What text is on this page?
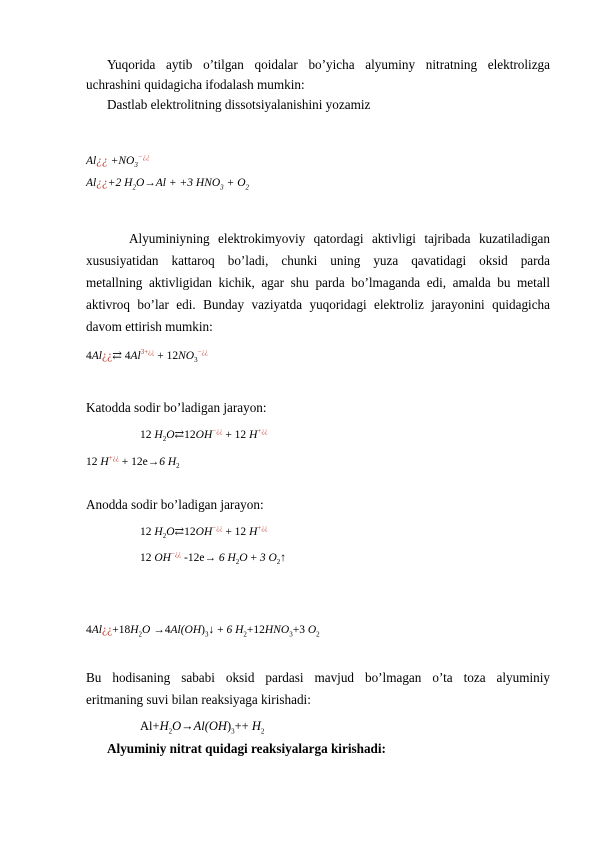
Yuqorida aytib o’tilgan qoidalar bo’yicha alyuminy nitratning elektrolizga
uchrashini quidagicha ifodalash mumkin:
Dastlab elektrolitning dissotsiyalanishini yozamiz
Al¿¿ $+NO_3^{-¿¿}$
Al¿¿+2 $H_2O\to Al + +3$ $HNO_3 + O_2$
Alyuminiyning elektrokimyoviy qatordagi aktivligi tajribada kuzatiladigan
xususiyatidan kattaroq bo’ladi, chunki uning yuza qavatidagi oksid parda
metallning aktivligidan kichik, agar shu parda bo’lmaganda edi, amalda bu metall
aktivroq bo’lar edi. Bunday vaziyatda yuqoridagi elektroliz jarayonini quidagicha
davom ettirish mumkin:
4Al¿¿⇄ $4Al^{3+¿¿} + 12NO_3^{-¿¿}$
Katodda sodir bo’ladigan jarayon:
12 $H_2O⇄12OH^{-¿¿} + 12$ H+¿¿
12 H+¿¿ + 12e→6 $H_2$
Anodda sodir bo’ladigan jarayon:
12 $H_2O⇄12OH^{-¿¿} + 12$ H+¿¿
12 OH−¿¿ -12e→ 6 $H_2O + 3$ $O_2↑$
$4Al¿¿+18H_2O$ $\to 4Al(OH)_3↓ + 6$ $H_2+12HNO_3+3$ $O_2$
Bu hodisaning sababi oksid pardasi mavjud bo’lmagan o’ta toza alyuminiy
eritmaning suvi bilan reaksiyaga kirishadi:
$Al+H_2O\to Al(OH)_3++ H_2$
Alyuminiy nitrat quidagi reaksiyalarga kirishadi:
